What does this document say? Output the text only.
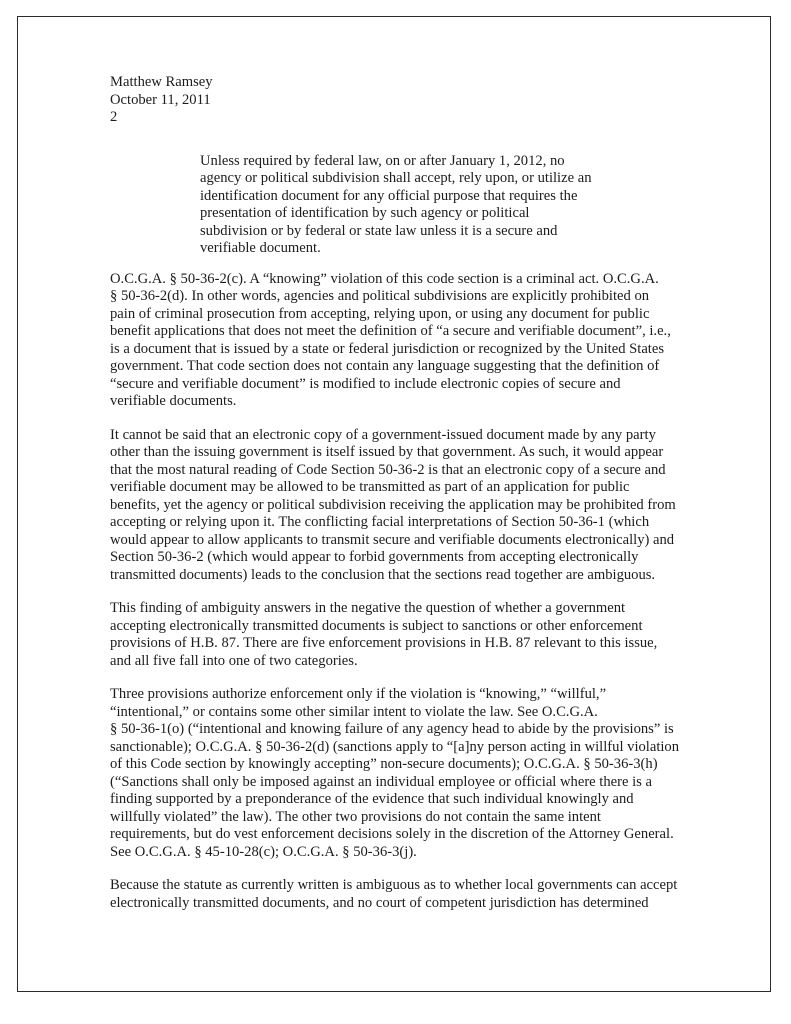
Matthew Ramsey
October 11, 2011
2
Unless required by federal law, on or after January 1, 2012, no
agency or political subdivision shall accept, rely upon, or utilize an
identification document for any official purpose that requires the
presentation of identification by such agency or political
subdivision or by federal or state law unless it is a secure and
verifiable document.
O.C.G.A. § 50-36-2(c). A “knowing” violation of this code section is a criminal act. O.C.G.A.
§ 50-36-2(d). In other words, agencies and political subdivisions are explicitly prohibited on
pain of criminal prosecution from accepting, relying upon, or using any document for public
benefit applications that does not meet the definition of “a secure and verifiable document”, i.e.,
is a document that is issued by a state or federal jurisdiction or recognized by the United States
government. That code section does not contain any language suggesting that the definition of
“secure and verifiable document” is modified to include electronic copies of secure and
verifiable documents.
It cannot be said that an electronic copy of a government-issued document made by any party
other than the issuing government is itself issued by that government. As such, it would appear
that the most natural reading of Code Section 50-36-2 is that an electronic copy of a secure and
verifiable document may be allowed to be transmitted as part of an application for public
benefits, yet the agency or political subdivision receiving the application may be prohibited from
accepting or relying upon it. The conflicting facial interpretations of Section 50-36-1 (which
would appear to allow applicants to transmit secure and verifiable documents electronically) and
Section 50-36-2 (which would appear to forbid governments from accepting electronically
transmitted documents) leads to the conclusion that the sections read together are ambiguous.
This finding of ambiguity answers in the negative the question of whether a government
accepting electronically transmitted documents is subject to sanctions or other enforcement
provisions of H.B. 87. There are five enforcement provisions in H.B. 87 relevant to this issue,
and all five fall into one of two categories.
Three provisions authorize enforcement only if the violation is “knowing,” “willful,”
“intentional,” or contains some other similar intent to violate the law. See O.C.G.A.
§ 50-36-1(o) (“intentional and knowing failure of any agency head to abide by the provisions” is
sanctionable); O.C.G.A. § 50-36-2(d) (sanctions apply to “[a]ny person acting in willful violation
of this Code section by knowingly accepting” non-secure documents); O.C.G.A. § 50-36-3(h)
(“Sanctions shall only be imposed against an individual employee or official where there is a
finding supported by a preponderance of the evidence that such individual knowingly and
willfully violated” the law). The other two provisions do not contain the same intent
requirements, but do vest enforcement decisions solely in the discretion of the Attorney General.
See O.C.G.A. § 45-10-28(c); O.C.G.A. § 50-36-3(j).
Because the statute as currently written is ambiguous as to whether local governments can accept
electronically transmitted documents, and no court of competent jurisdiction has determined
